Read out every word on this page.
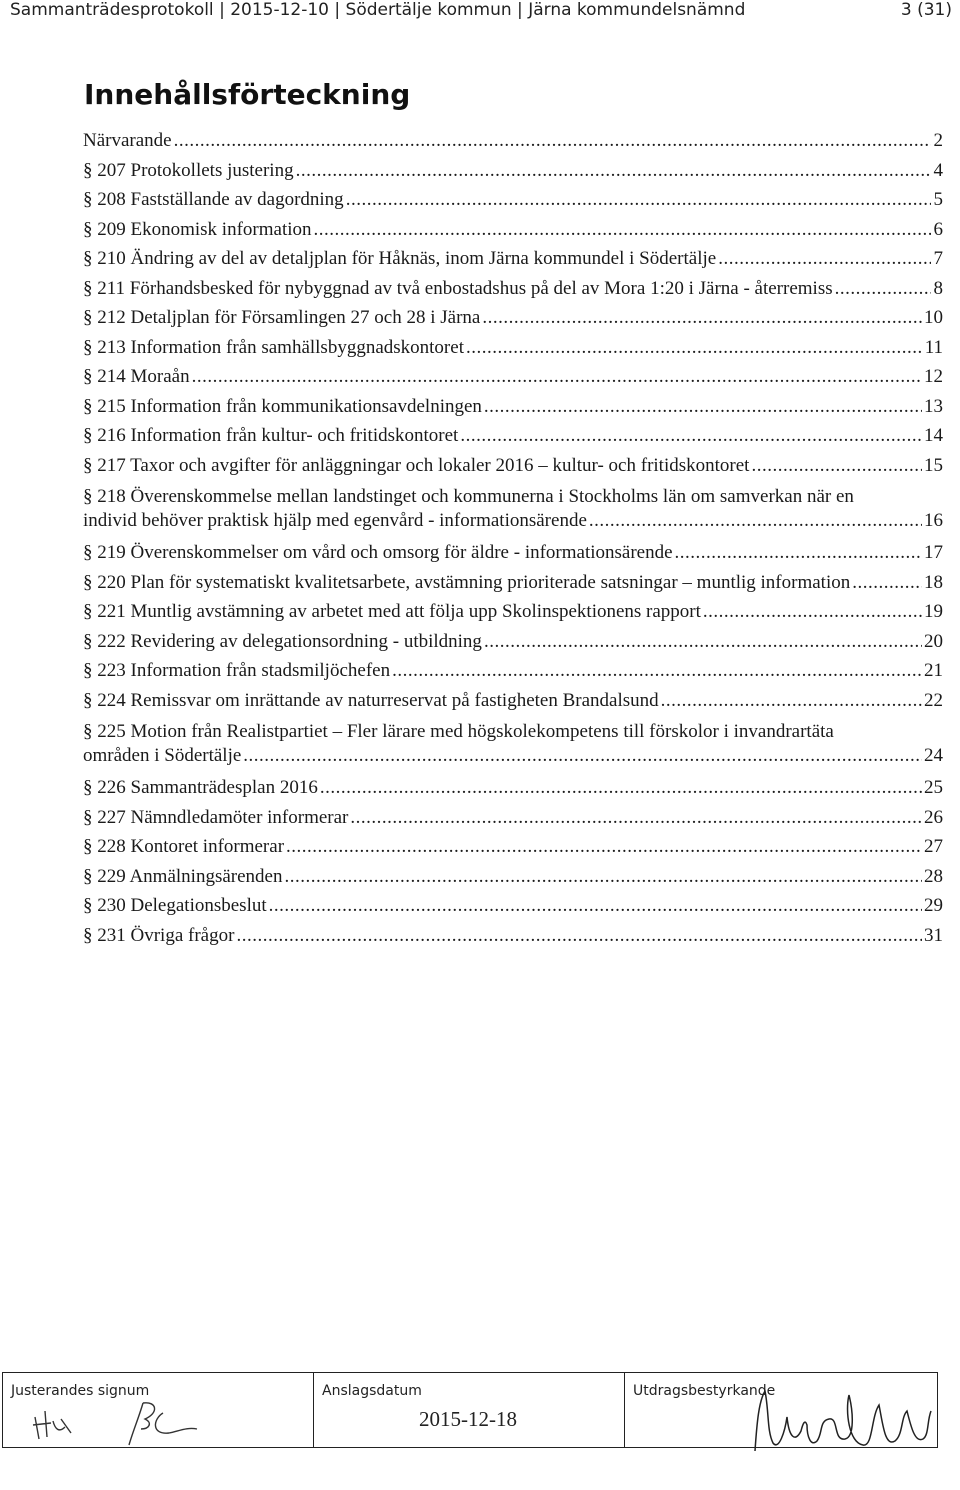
Sammanträdesprotokoll | 2015-12-10 | Södertälje kommun | Järna kommundelsnämnd	3 (31)
Innehållsförteckning
Närvarande .....	2
§ 207 Protokollets justering .....	4
§ 208 Fastställande av dagordning .....	5
§ 209 Ekonomisk information .....	6
§ 210 Ändring av del av detaljplan för Håknäs, inom Järna kommundel i Södertälje .....	7
§ 211 Förhandsbesked för nybyggnad av två enbostadshus på del av Mora 1:20 i Järna - återremiss .....	8
§ 212 Detaljplan för Församlingen 27 och 28 i Järna .....	10
§ 213 Information från samhällsbyggnadskontoret .....	11
§ 214 Moraån .....	12
§ 215 Information från kommunikationsavdelningen .....	13
§ 216 Information från kultur- och fritidskontoret .....	14
§ 217 Taxor och avgifter för anläggningar och lokaler 2016 – kultur- och fritidskontoret .....	15
§ 218 Överenskommelse mellan landstinget och kommunerna i Stockholms län om samverkan när en
individ behöver praktisk hjälp med egenvård - informationsärende .....	16
§ 219 Överenskommelser om vård och omsorg för äldre - informationsärende .....	17
§ 220 Plan för systematiskt kvalitetsarbete, avstämning prioriterade satsningar – muntlig information .....	18
§ 221 Muntlig avstämning av arbetet med att följa upp Skolinspektionens rapport .....	19
§ 222 Revidering av delegationsordning - utbildning .....	20
§ 223 Information från stadsmiljöchefen .....	21
§ 224 Remissvar om inrättande av naturreservat på fastigheten Brandalsund .....	22
§ 225 Motion från Realistpartiet – Fler lärare med högskolekompetens till förskolor i invandrartäta
områden i Södertälje .....	24
§ 226 Sammanträdesplan 2016 .....	25
§ 227 Nämndledamöter informerar .....	26
§ 228 Kontoret informerar .....	27
§ 229 Anmälningsärenden .....	28
§ 230 Delegationsbeslut .....	29
§ 231 Övriga frågor .....	31
Justerandes signum	Anslagsdatum
2015-12-18
Utdragsbestyrkande
